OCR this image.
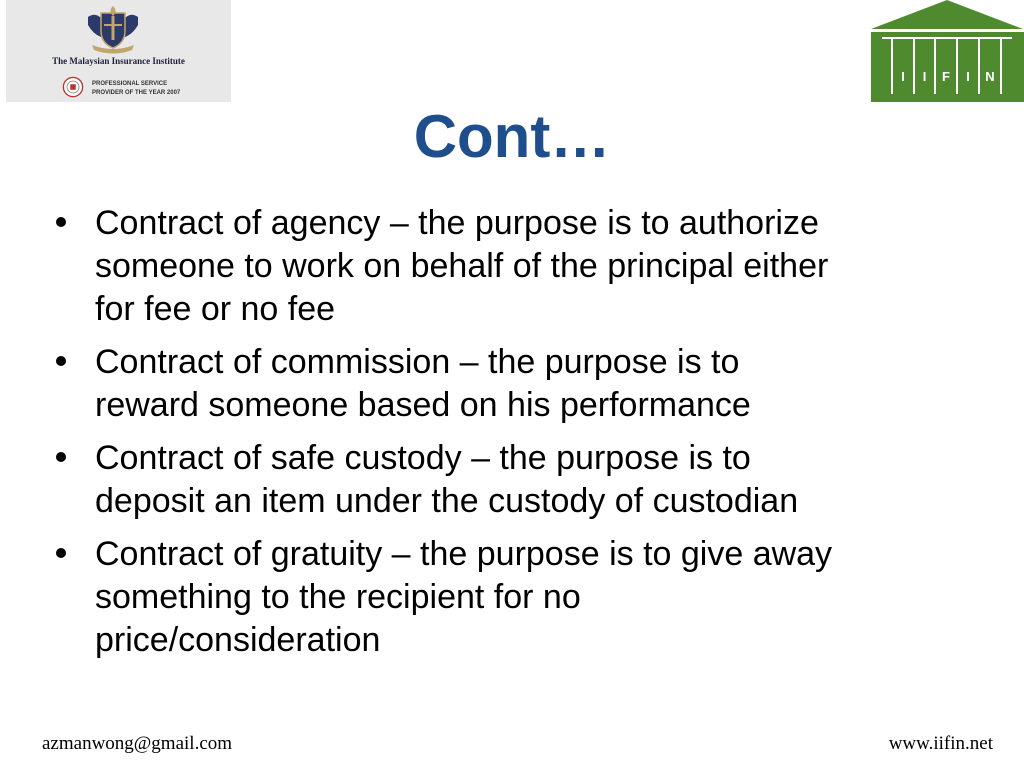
The Malaysian Insurance Institute
PROFESSIONAL SERVICE
PROVIDER OF THE YEAR 2007
I I F I N
Cont…
Contract of agency – the purpose is to authorize
someone to work on behalf of the principal either
for fee or no fee
Contract of commission – the purpose is to
reward someone based on his performance
Contract of safe custody – the purpose is to
deposit an item under the custody of custodian
Contract of gratuity – the purpose is to give away
something to the recipient for no
price/consideration
azmanwong@gmail.com	www.iifin.net
